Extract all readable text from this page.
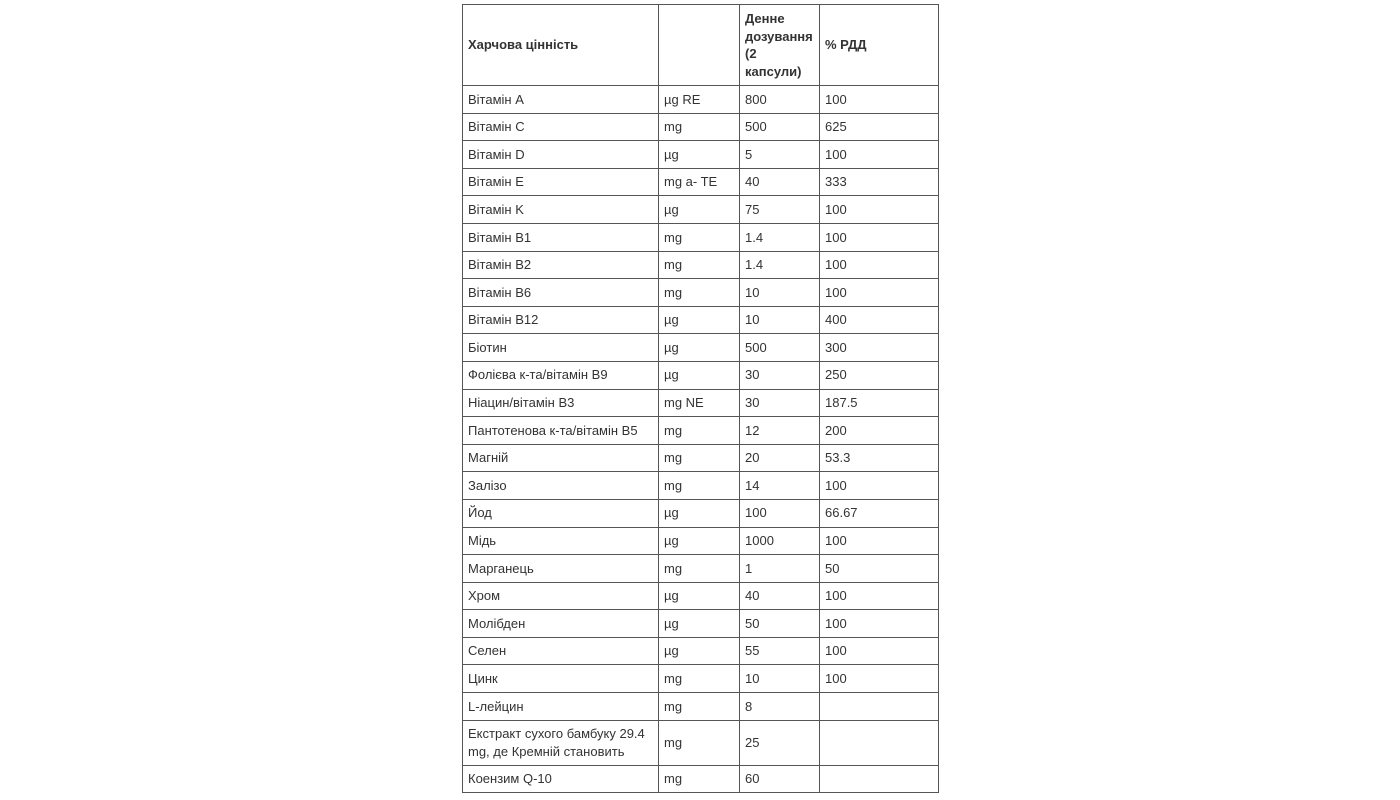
Харчова цінність		Денне дозування (2 капсули)	% РДД
Вітамін A	µg RE	800	100
Вітамін C	mg	500	625
Вітамін D	µg	5	100
Вітамін E	mg a- TE	40	333
Вітамін K	µg	75	100
Вітамін B1	mg	1.4	100
Вітамін B2	mg	1.4	100
Вітамін B6	mg	10	100
Вітамін B12	µg	10	400
Біотин	µg	500	300
Фолієва к-та/вітамін B9	µg	30	250
Ніацин/вітамін B3	mg NE	30	187.5
Пантотенова к-та/вітамін B5	mg	12	200
Магній	mg	20	53.3
Залізо	mg	14	100
Йод	µg	100	66.67
Мідь	µg	1000	100
Марганець	mg	1	50
Хром	µg	40	100
Молібден	µg	50	100
Селен	µg	55	100
Цинк	mg	10	100
L-лейцин	mg	8	
Екстракт сухого бамбуку 29.4 mg, де Кремній становить	mg	25	
Коензим Q-10	mg	60	
